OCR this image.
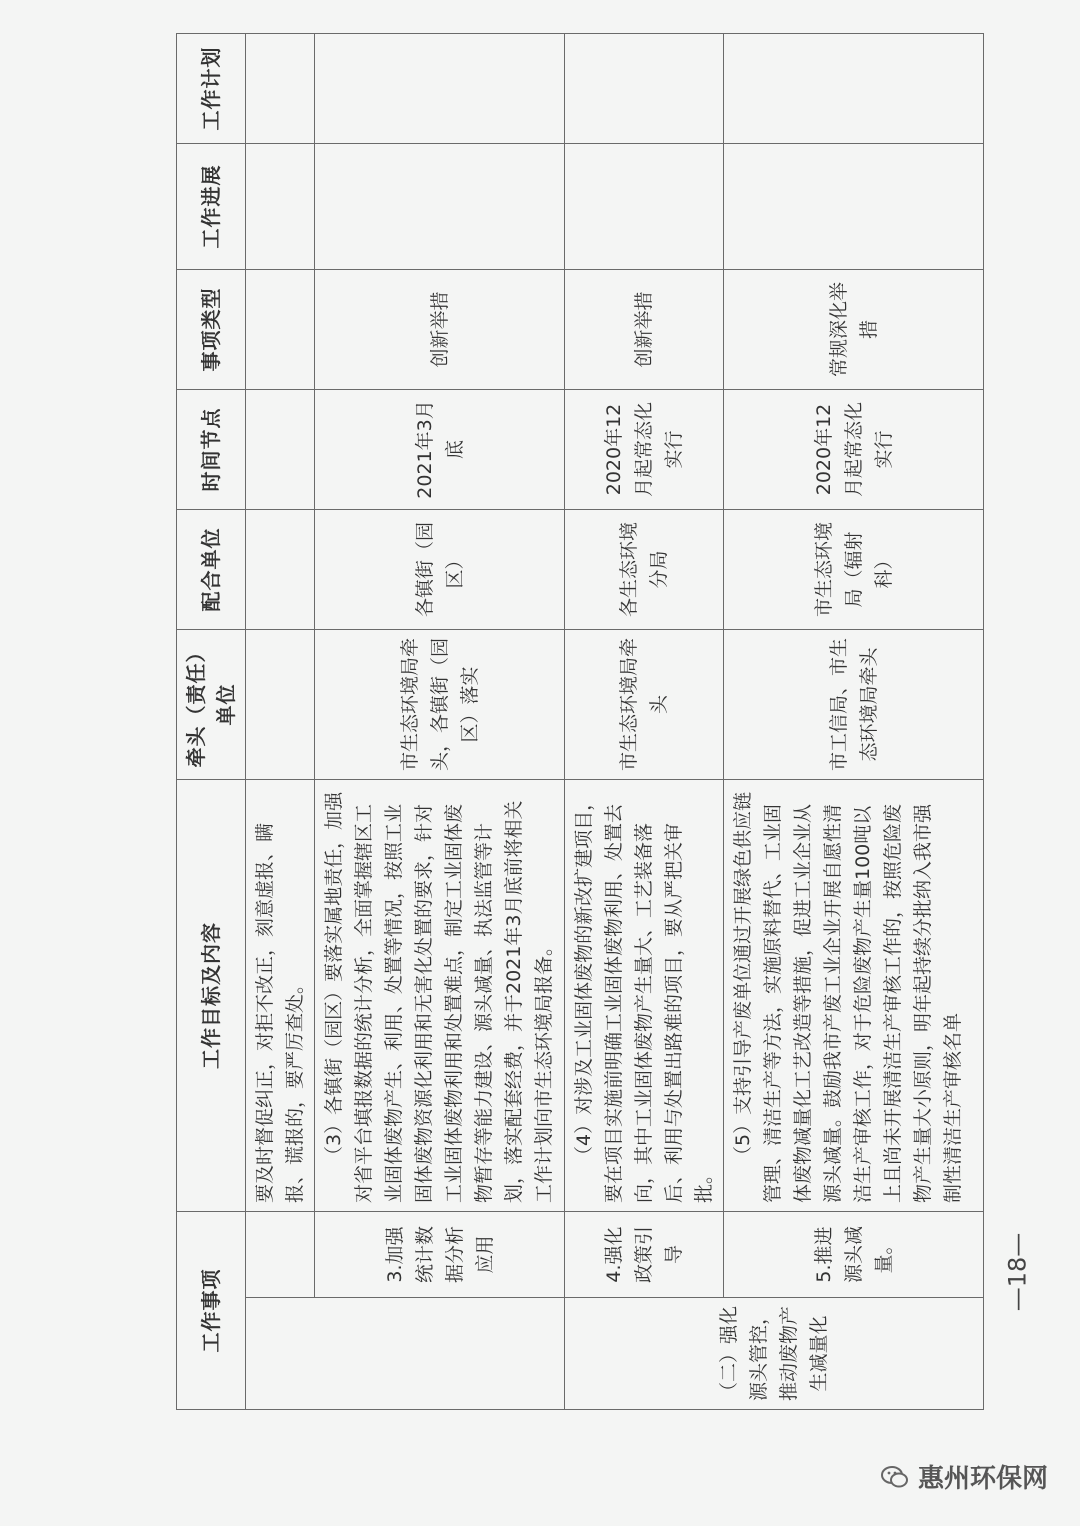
工作事项		工作目标及内容	牵头（责任）单位	配合单位	时间节点	事项类型	工作进展	工作计划
		要及时督促纠正，对拒不改正，刻意虚报、瞒报、谎报的，要严厉查处。						
	3.加强统计数据分析应用	（3）各镇街（园区）要落实属地责任，加强对省平台填报数据的统计分析，全面掌握辖区工业固体废物产生、利用、处置等情况，按照工业固体废物资源化利用和无害化处置的要求，针对工业固体废物利用和处置难点，制定工业固体废物暂存等能力建设、源头减量、执法监管等计划，落实配套经费，并于2021年3月底前将相关工作计划向市生态环境局报备。	市生态环境局牵头，各镇街（园区）落实	各镇街（园区）	2021年3月底	创新举措		
（二）强化源头管控，推动废物产生减量化	4.强化政策引导	（4）对涉及工业固体废物的新改扩建项目，要在项目实施前明确工业固体废物利用、处置去向，其中工业固体废物产生量大、工艺装备落后、利用与处置出路难的项目，要从严把关审批。	市生态环境局牵头	各生态环境分局	2020年12月起常态化实行	创新举措		
	5.推进源头减量。	（5）支持引导产废单位通过开展绿色供应链管理、清洁生产等方法，实施原料替代、工业固体废物减量化工艺改造等措施，促进工业企业从源头减量。鼓励我市产废工业企业开展自愿性清洁生产审核工作，对于危险废物产生量100吨以上且尚未开展清洁生产审核工作的，按照危险废物产生量大小原则，明年起持续分批纳入我市强制性清洁生产审核名单	市工信局、市生态环境局牵头	市生态环境局（辐射科）	2020年12月起常态化实行	常规深化举措		
—18—
惠州环保网
